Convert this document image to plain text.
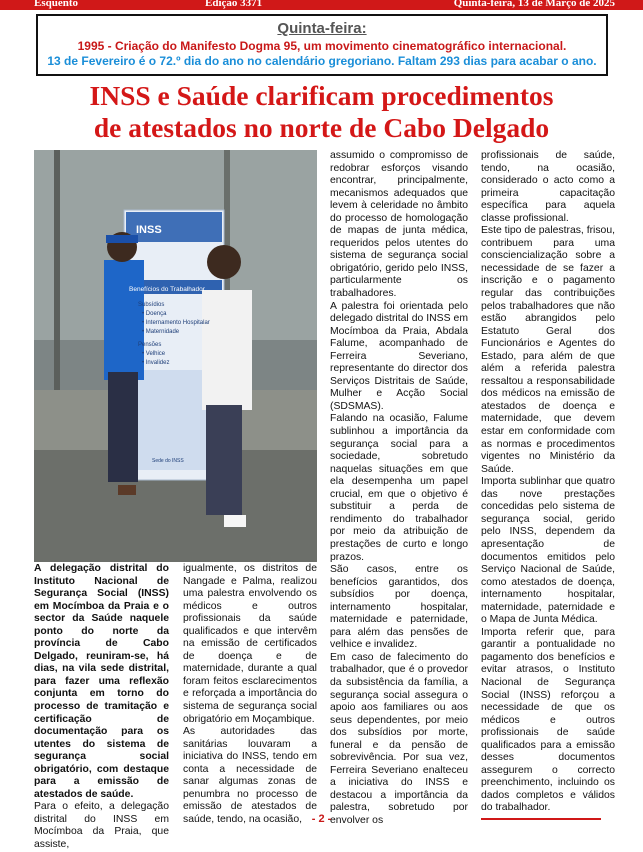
Esquento	Edição 3371	Quinta-feira, 13 de Março de 2025
Quinta-feira:
1995 - Criação do Manifesto Dogma 95, um movimento cinematográfico internacional.
13 de Fevereiro é o 72.º dia do ano no calendário gregoriano. Faltam 293 dias para acabar o ano.
INSS e Saúde clarificam procedimentos
de atestados no norte de Cabo Delgado
INSS
Benefícios do Trabalhador
Subsídios
• Doença
• Internamento Hospitalar
• Maternidade
Pensões
• Velhice
• Invalidez
Sede do INSS

A delegação distrital do Instituto Nacional de Segurança Social (INSS) em Mocímboa da Praia e o sector da Saúde naquele ponto do norte da província de Cabo Delgado, reuniram-se, há dias, na vila sede distrital, para fazer uma reflexão conjunta em torno do processo de tramitação e certificação de documentação para os utentes do sistema de segurança social obrigatório, com destaque para a emissão de atestados de saúde.

Para o efeito, a delegação distrital do INSS em Mocímboa da Praia, que assiste,

igualmente, os distritos de Nangade e Palma, realizou uma palestra envolvendo os médicos e outros profissionais da saúde qualificados e que intervêm na emissão de certificados de doença e de maternidade, durante a qual foram feitos esclarecimentos e reforçada a importância do sistema de segurança social obrigatório em Moçambique.

As autoridades das sanitárias louvaram a iniciativa do INSS, tendo em conta a necessidade de sanar algumas zonas de penumbra no processo de emissão de atestados de saúde, tendo, na ocasião,

assumido o compromisso de redobrar esforços visando encontrar, principalmente, mecanismos adequados que levem à celeridade no âmbito do processo de homologação de mapas de junta médica, requeridos pelos utentes do sistema de segurança social obrigatório, gerido pelo INSS, particularmente os trabalhadores.

A palestra foi orientada pelo delegado distrital do INSS em Mocímboa da Praia, Abdala Falume, acompanhado de Ferreira Severiano, representante do director dos Serviços Distritais de Saúde, Mulher e Acção Social (SDSMAS).

Falando na ocasião, Falume sublinhou a importância da segurança social para a sociedade, sobretudo naquelas situações em que ela desempenha um papel crucial, em que o objetivo é substituir a perda de rendimento do trabalhador por meio da atribuição de prestações de curto e longo prazos.

São casos, entre os benefícios garantidos, dos subsídios por doença, internamento hospitalar, maternidade e paternidade, para além das pensões de velhice e invalidez.

Em caso de falecimento do trabalhador, que é o provedor da subsistência da família, a segurança social assegura o apoio aos familiares ou aos seus dependentes, por meio dos subsídios por morte, funeral e da pensão de sobrevivência. Por sua vez, Ferreira Severiano enalteceu a iniciativa do INSS e destacou a importância da palestra, sobretudo por envolver os

profissionais de saúde, tendo, na ocasião, considerado o acto como a primeira capacitação específica para aquela classe profissional.

Este tipo de palestras, frisou, contribuem para uma consciencialização sobre a necessidade de se fazer a inscrição e o pagamento regular das contribuições pelos trabalhadores que não estão abrangidos pelo Estatuto Geral dos Funcionários e Agentes do Estado, para além de que além a referida palestra ressaltou a responsabilidade dos médicos na emissão de atestados de doença e maternidade, que devem estar em conformidade com as normas e procedimentos vigentes no Ministério da Saúde.

Importa sublinhar que quatro das nove prestações concedidas pelo sistema de segurança social, gerido pelo INSS, dependem da apresentação de documentos emitidos pelo Serviço Nacional de Saúde, como atestados de doença, internamento hospitalar, maternidade, paternidade e o Mapa de Junta Médica.

Importa referir que, para garantir a pontualidade no pagamento dos benefícios e evitar atrasos, o Instituto Nacional de Segurança Social (INSS) reforçou a necessidade de que os médicos e outros profissionais de saúde qualificados para a emissão desses documentos assegurem o correcto preenchimento, incluindo os dados completos e válidos do trabalhador.

- 2 -
